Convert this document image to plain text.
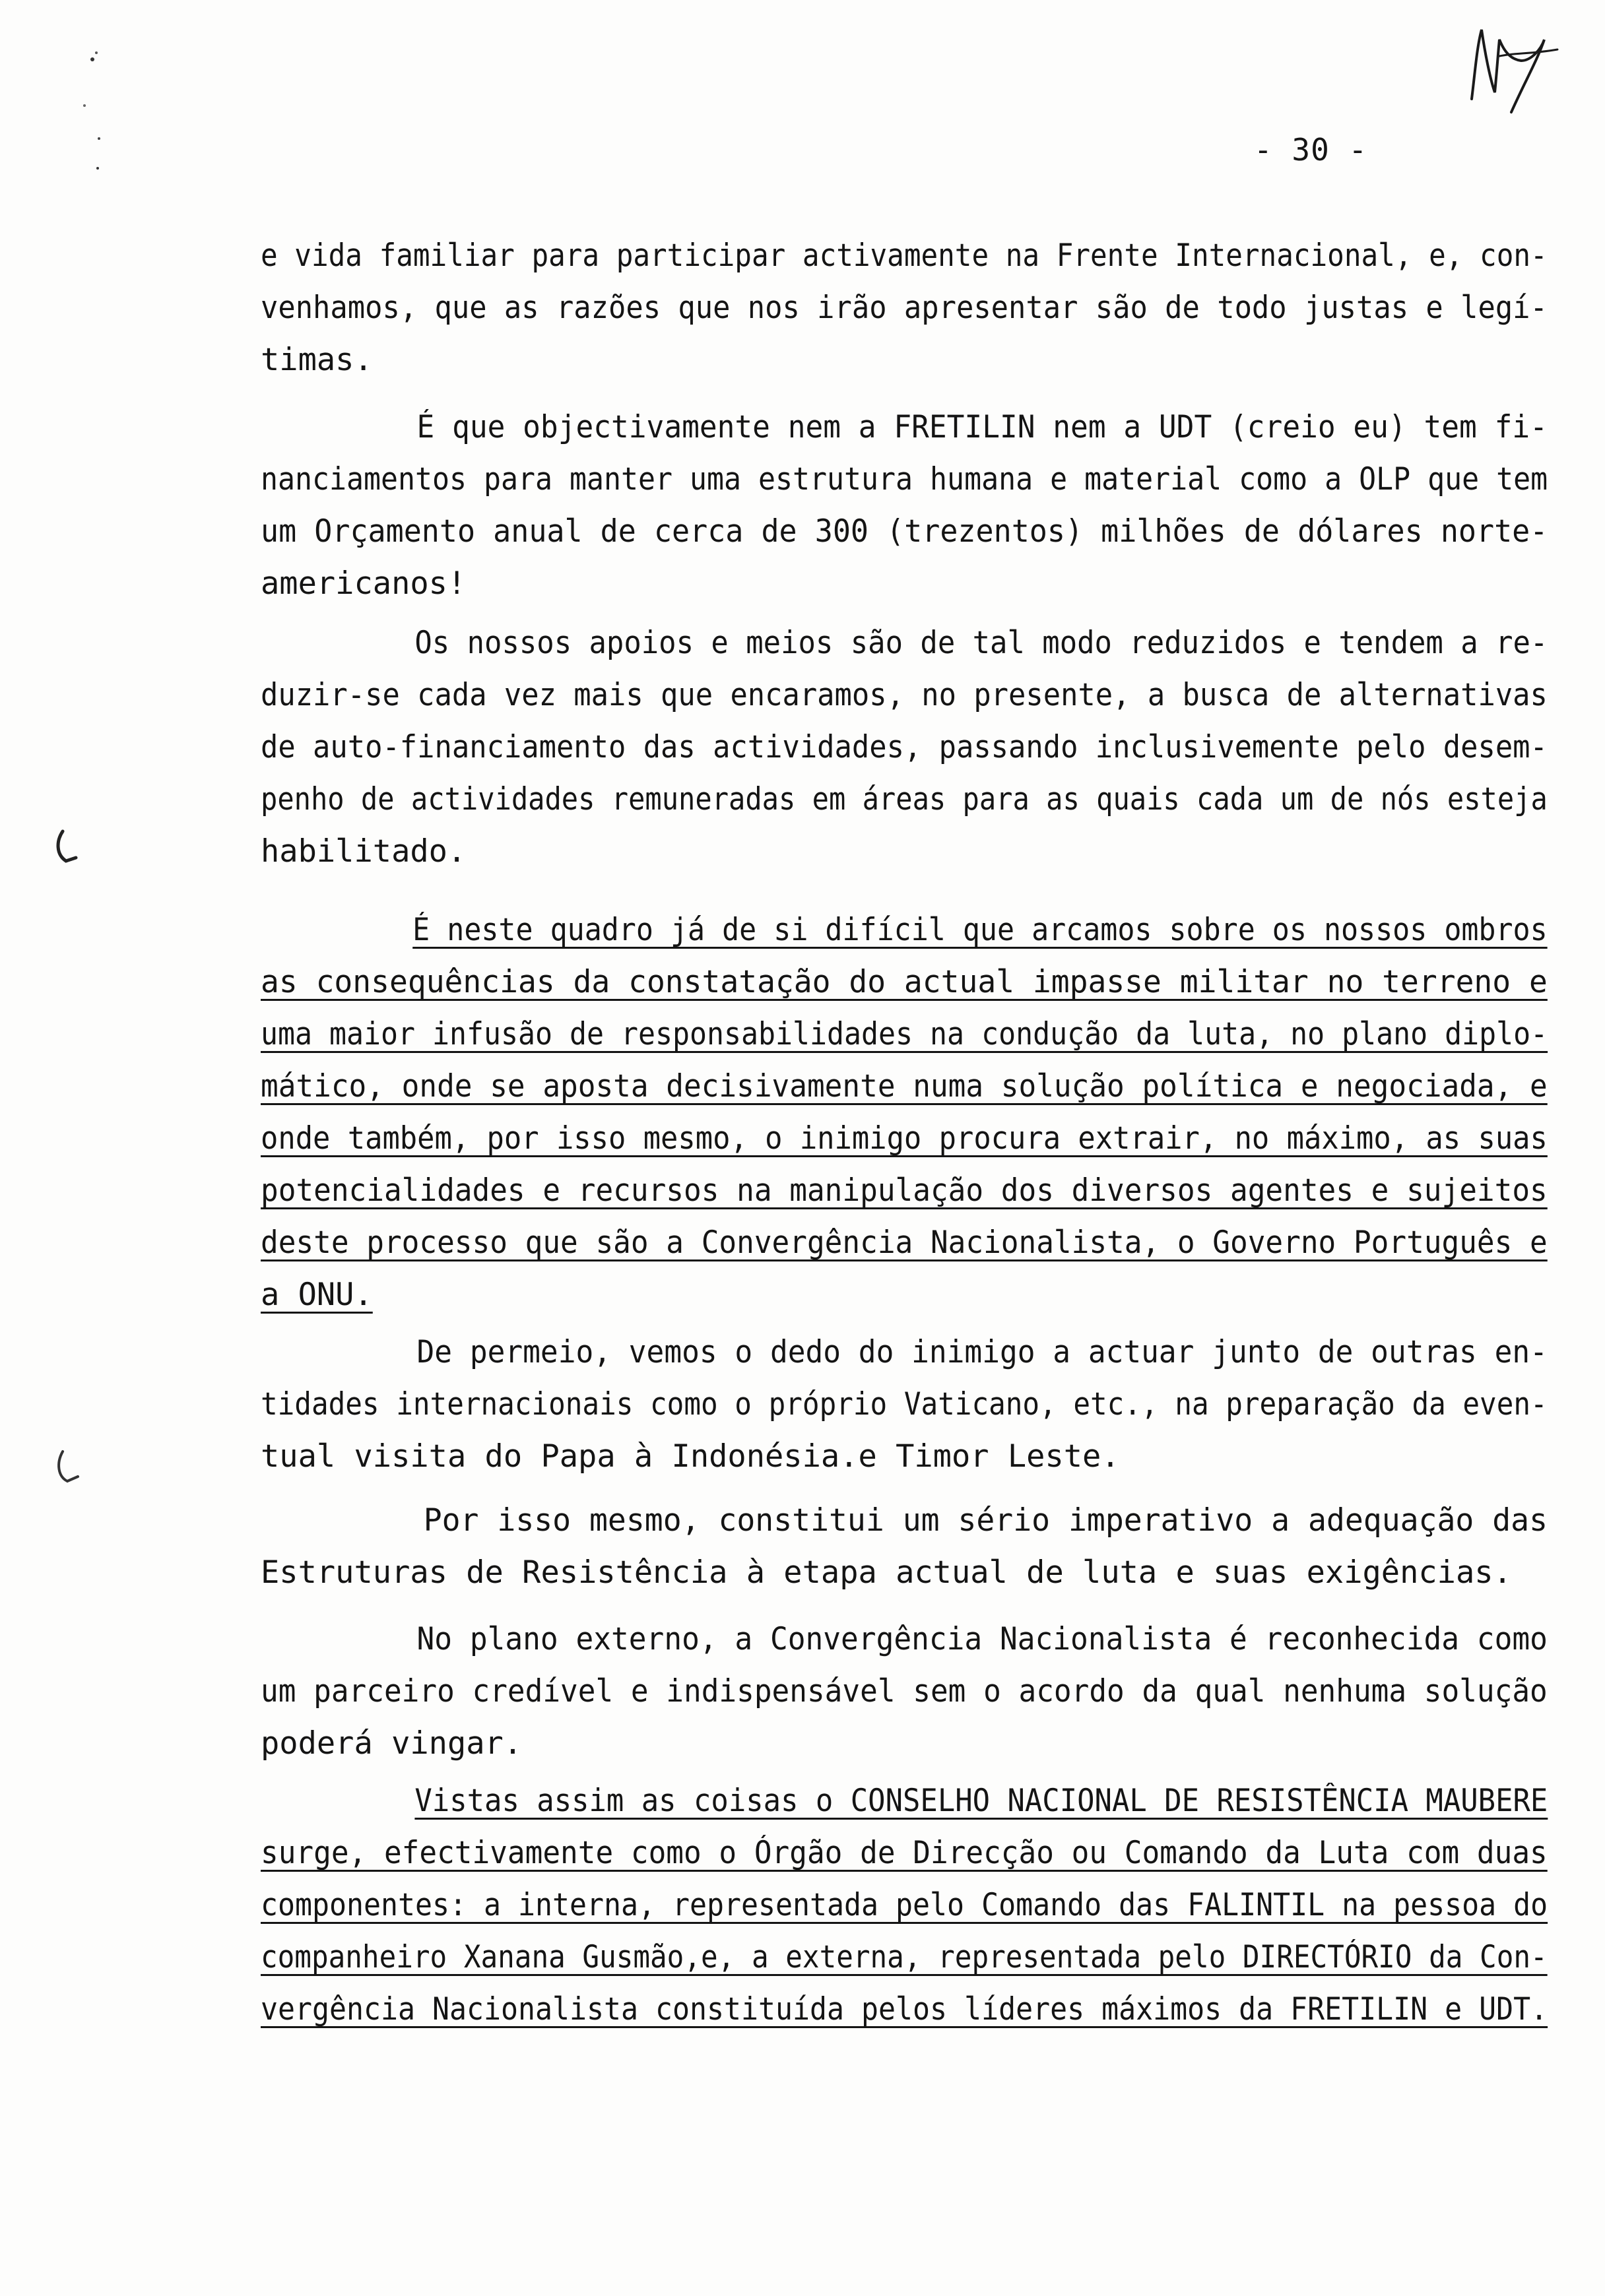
- 30 -
e vida familiar para participar activamente na Frente Internacional, e, con-
venhamos, que as razões que nos irão apresentar são de todo justas e legí-
timas.
É que objectivamente nem a FRETILIN nem a UDT (creio eu) tem fi-
nanciamentos para manter uma estrutura humana e material como a OLP que tem
um Orçamento anual de cerca de 300 (trezentos) milhões de dólares norte-
americanos!
Os nossos apoios e meios são de tal modo reduzidos e tendem a re-
duzir-se cada vez mais que encaramos, no presente, a busca de alternativas
de auto-financiamento das actividades, passando inclusivemente pelo desem-
penho de actividades remuneradas em áreas para as quais cada um de nós esteja
habilitado.
É neste quadro já de si difícil que arcamos sobre os nossos ombros
as consequências da constatação do actual impasse militar no terreno e
uma maior infusão de responsabilidades na condução da luta, no plano diplo-
mático, onde se aposta decisivamente numa solução política e negociada, e
onde também, por isso mesmo, o inimigo procura extrair, no máximo, as suas
potencialidades e recursos na manipulação dos diversos agentes e sujeitos
deste processo que são a Convergência Nacionalista, o Governo Português e
a ONU.
De permeio, vemos o dedo do inimigo a actuar junto de outras en-
tidades internacionais como o próprio Vaticano, etc., na preparação da even-
tual visita do Papa à Indonésia.e Timor Leste.
Por isso mesmo, constitui um sério imperativo a adequação das
Estruturas de Resistência à etapa actual de luta e suas exigências.
No plano externo, a Convergência Nacionalista é reconhecida como
um parceiro credível e indispensável sem o acordo da qual nenhuma solução
poderá vingar.
Vistas assim as coisas o CONSELHO NACIONAL DE RESISTÊNCIA MAUBERE
surge, efectivamente como o Órgão de Direcção ou Comando da Luta com duas
componentes: a interna, representada pelo Comando das FALINTIL na pessoa do
companheiro Xanana Gusmão,e, a externa, representada pelo DIRECTÓRIO da Con-
vergência Nacionalista constituída pelos líderes máximos da FRETILIN e UDT.
